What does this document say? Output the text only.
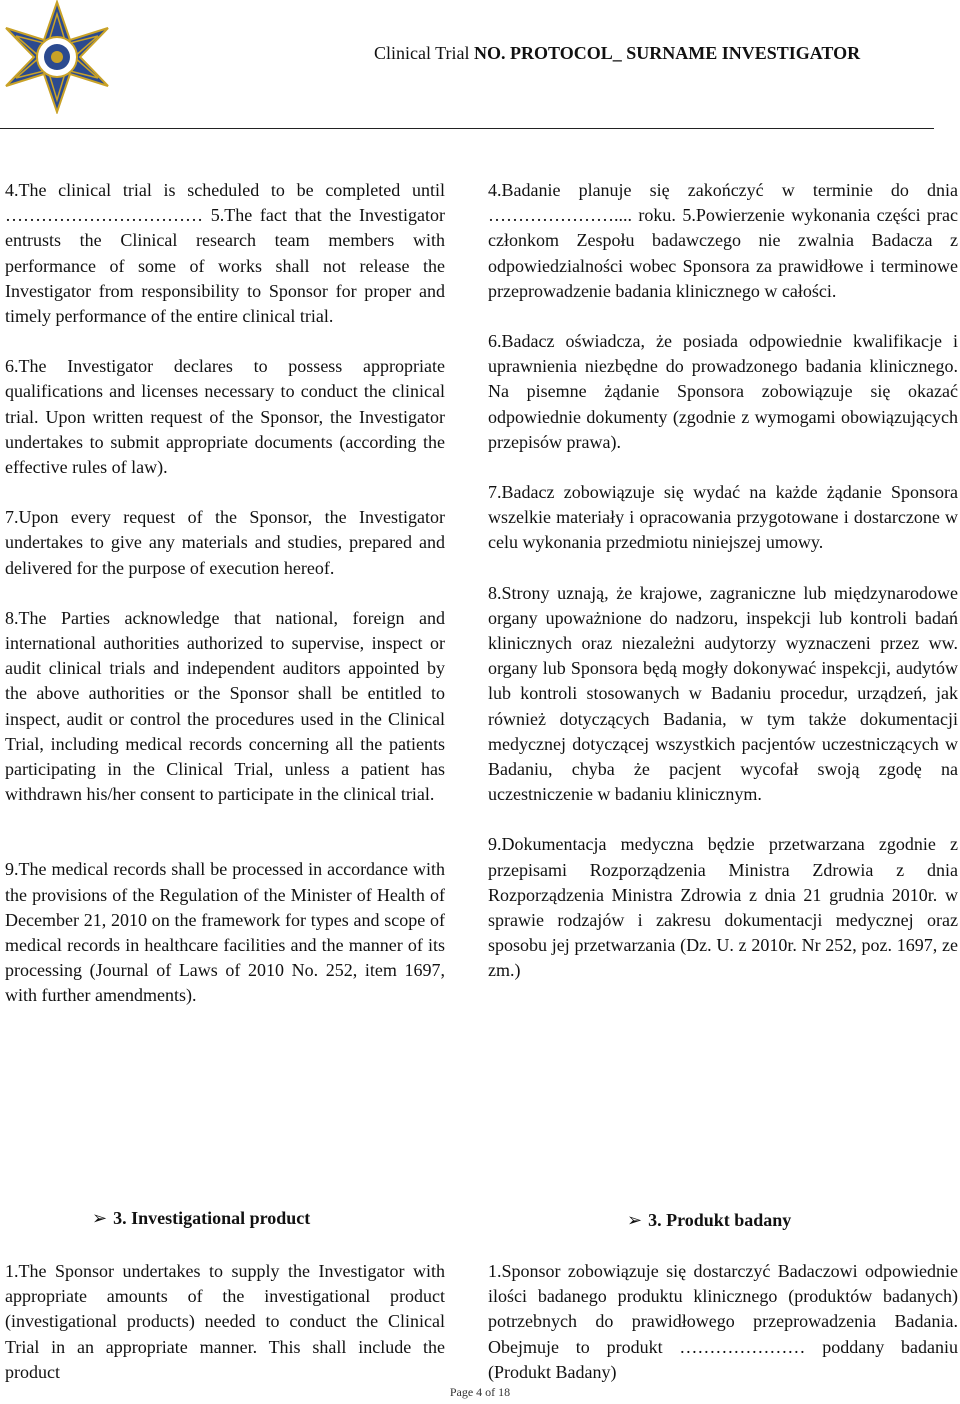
Clinical Trial NO. PROTOCOL_ SURNAME INVESTIGATOR

4.The clinical trial is scheduled to be completed until …………………………… 5.The fact that the Investigator entrusts the Clinical research team members with performance of some of works shall not release the Investigator from responsibility to Sponsor for proper and timely performance of the entire clinical trial.

6.The Investigator declares to possess appropriate qualifications and licenses necessary to conduct the clinical trial. Upon written request of the Sponsor, the Investigator undertakes to submit appropriate documents (according the effective rules of law).

7.Upon every request of the Sponsor, the Investigator undertakes to give any materials and studies, prepared and delivered for the purpose of execution hereof.

8.The Parties acknowledge that national, foreign and international authorities authorized to supervise, inspect or audit clinical trials and independent auditors appointed by the above authorities or the Sponsor shall be entitled to inspect, audit or control the procedures used in the Clinical Trial, including medical records concerning all the patients participating in the Clinical Trial, unless a patient has withdrawn his/her consent to participate in the clinical trial.

9.The medical records shall be processed in accordance with the provisions of the Regulation of the Minister of Health of December 21, 2010 on the framework for types and scope of medical records in healthcare facilities and the manner of its processing (Journal of Laws of 2010 No. 252, item 1697, with further amendments).

4.Badanie planuje się zakończyć w terminie do dnia ………………….... roku. 5.Powierzenie wykonania części prac członkom Zespołu badawczego nie zwalnia Badacza z odpowiedzialności wobec Sponsora za prawidłowe i terminowe przeprowadzenie badania klinicznego w całości.

6.Badacz oświadcza, że posiada odpowiednie kwalifikacje i uprawnienia niezbędne do prowadzonego badania klinicznego. Na pisemne żądanie Sponsora zobowiązuje się okazać odpowiednie dokumenty (zgodnie z wymogami obowiązujących przepisów prawa).

7.Badacz zobowiązuje się wydać na każde żądanie Sponsora wszelkie materiały i opracowania przygotowane i dostarczone w celu wykonania przedmiotu niniejszej umowy.

8.Strony uznają, że krajowe, zagraniczne lub międzynarodowe organy upoważnione do nadzoru, inspekcji lub kontroli badań klinicznych oraz niezależni audytorzy wyznaczeni przez ww. organy lub Sponsora będą mogły dokonywać inspekcji, audytów lub kontroli stosowanych w Badaniu procedur, urządzeń, jak również dotyczących Badania, w tym także dokumentacji medycznej dotyczącej wszystkich pacjentów uczestniczących w Badaniu, chyba że pacjent wycofał swoją zgodę na uczestniczenie w badaniu klinicznym.

9.Dokumentacja medyczna będzie przetwarzana zgodnie z przepisami Rozporządzenia Ministra Zdrowia z dnia Rozporządzenia Ministra Zdrowia z dnia 21 grudnia 2010r. w sprawie rodzajów i zakresu dokumentacji medycznej oraz sposobu jej przetwarzania (Dz. U. z 2010r. Nr 252, poz. 1697, ze zm.)

➢ 3. Investigational product	➢ 3. Produkt badany

1.The Sponsor undertakes to supply the Investigator with appropriate amounts of the investigational product (investigational products) needed to conduct the Clinical Trial in an appropriate manner. This shall include the product

1.Sponsor zobowiązuje się dostarczyć Badaczowi odpowiednie ilości badanego produktu klinicznego (produktów badanych) potrzebnych do prawidłowego przeprowadzenia Badania. Obejmuje to produkt ………………… poddany badaniu (Produkt Badany)

Page 4 of 18
